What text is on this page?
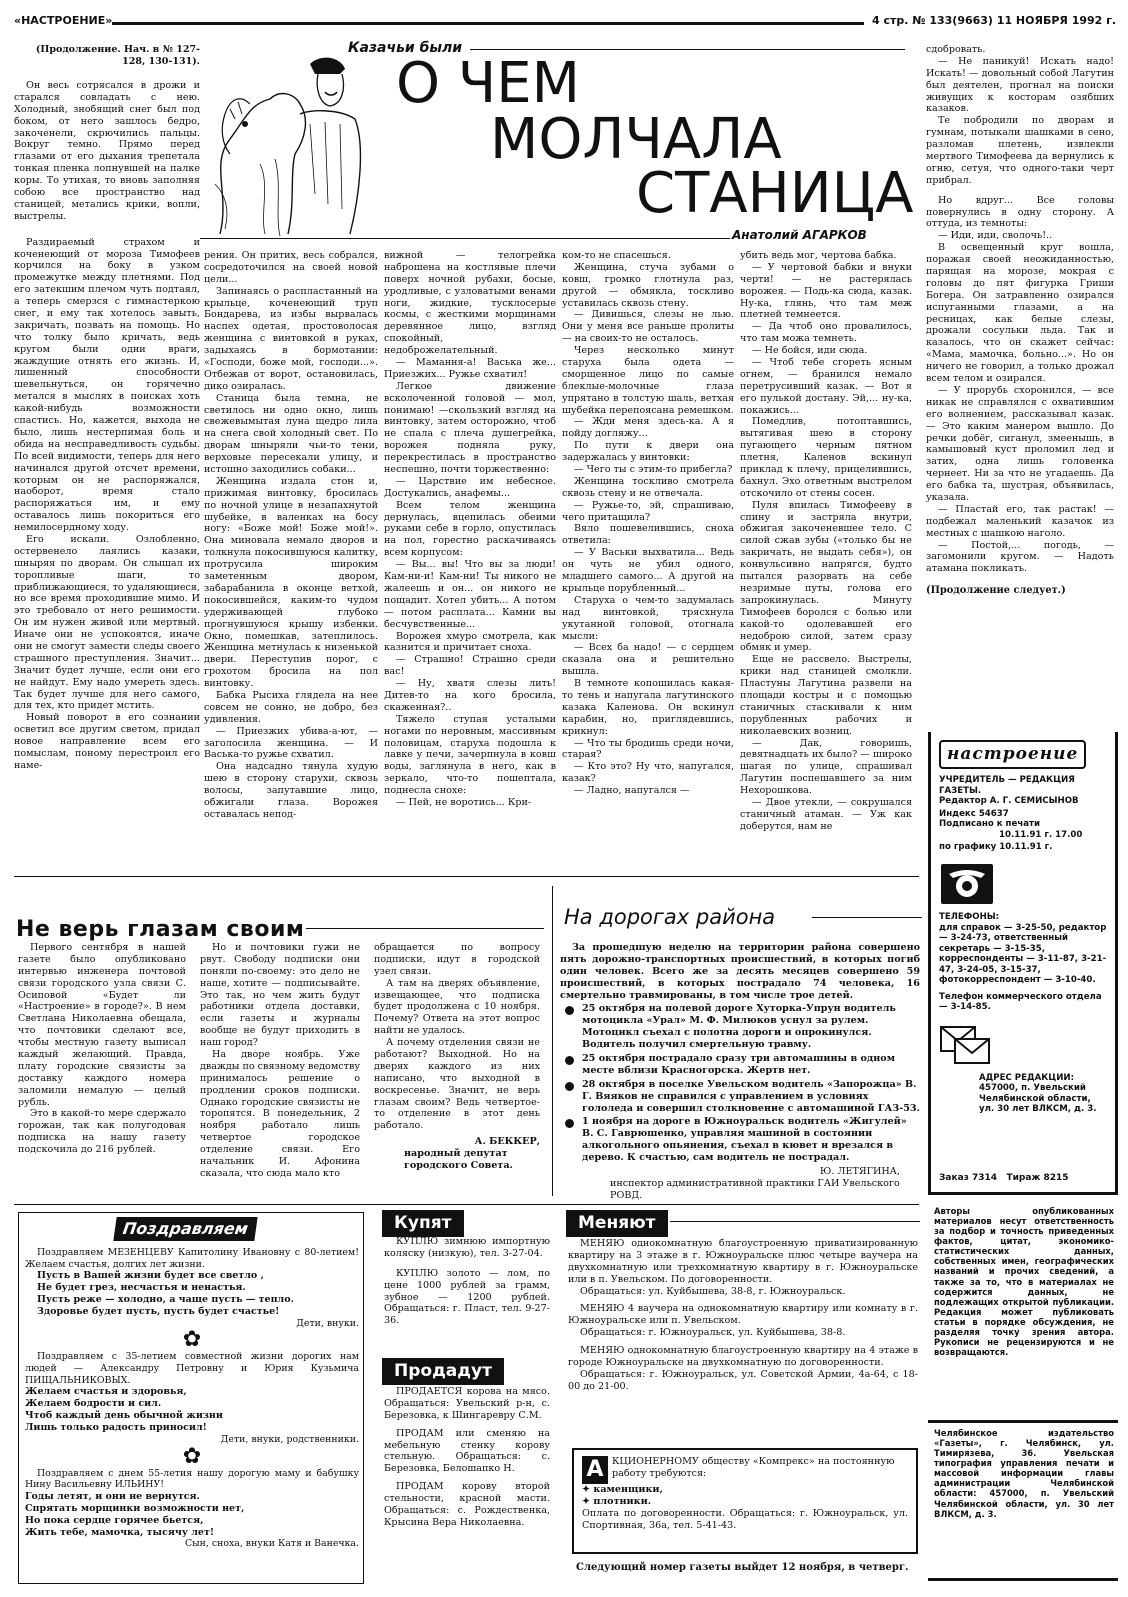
«НАСТРОЕНИЕ»	4 стр. № 133(9663) 11 НОЯБРЯ 1992 г.
(Продолжение. Нач. в № 127-128, 130-131).
Казачьи были
О ЧЕМ
МОЛЧАЛА
СТАНИЦА
Анатолий АГАРКОВ

Он весь сотрясался в дрожи и старался совладать с нею. Холодный, знобящий снег был под боком, от него зашлось бедро, закоченели, скрючились пальцы. Вокруг темно. Прямо перед глазами от его дыхания трепетала тонкая пленка лопнувшей на палке коры. То утихая, то вновь заполняя собою все пространство над станицей, метались крики, вопли, выстрелы.

Раздираемый страхом и коченеющий от мороза Тимофеев корчился на боку в узком промежутке между плетнями. Под его затекшим плечом чуть подтаял, а теперь смерзся с гимнастеркою снег, и ему так хотелось завыть, закричать, позвать на помощь. Но что толку было кричать, ведь кругом были одни враги, жаждущие отнять его жизнь. И, лишенный способности шевельнуться, он горячечно метался в мыслях в поисках хоть какой-нибудь возможности спастись. Но, кажется, выхода не было, лишь нестерпимая боль и обида на несправедливость судьбы. По всей видимости, теперь для него начинался другой отсчет времени, которым он не распоряжался, наоборот, время стало распоряжаться им, и ему оставалось лишь покориться его немилосердному ходу.

Его искали. Озлобленно, остервенело лаялись казаки, шныряя по дворам. Он слышал их торопливые шаги, то приближающиеся, то удаляющиеся, но все время проходившие мимо. И это требовало от него решимости. Он им нужен живой или мертвый. Иначе они не успокоятся, иначе они не смогут замести следы своего страшного преступления. Значит... Значит будет лучше, если они его не найдут. Ему надо умереть здесь. Так будет лучше для него самого, для тех, кто придет мстить.

Новый поворот в его сознании осветил все другим светом, придал новое направление всем его помыслам, поному перестроил его наме-

рения. Он притих, весь собрался, сосредоточился на своей новой цели...

Запинаясь о распластанный на крыльце, коченеющий труп Бондарева, из избы вырвалась наспех одетая, простоволосая женщина с винтовкой в руках, задыхаясь в бормотании: «Господи, боже мой, господи...». Отбежав от ворот, остановилась, дико озиралась.

Станица была темна, не светилось ни одно окно, лишь свежевымытая луна щедро лила на снега свой холодный свет. По дворам шныряли чьи-то тени, верховые пересекали улицу, и истошно заходились собаки...

Женщина издала стон и, прижимая винтовку, бросилась по ночной улице в незапахнутой шубейке, в валенках на босу ногу: «Боже мой! Боже мой!». Она миновала немало дворов и толкнула покосившуюся калитку, протрусила широким заметенным двором, забарабанила в оконце ветхой, покосившейся, каким-то чудом удерживающей глубоко прогнувшуюся крышу избенки. Окно, помешкав, затеплилось. Женщина метнулась к низенькой двери. Переступив порог, с грохотом бросила на пол винтовку.

Бабка Рысиха глядела на нее совсем не сонно, не добро, без удивления.

— Приезжих убива-а-ют, — заголосила женщина. — И Васька-то ружье схватил.

Она надсадно тянула худую шею в сторону старухи, сквозь волосы, запутавшие лицо, обжигали глаза. Ворожея оставалась непод-

вижной — телогрейка наброшена на костлявые плечи поверх ночной рубахи, босые, уродливые, с узловатыми венами ноги, жидкие, тусклосерые космы, с жесткими морщинами деревянное лицо, взгляд спокойный, недоброжелательный.

— Мамання-а! Васька же... Приезжих... Ружье схватил!

Легкое движение всколоченной головой — мол, понимаю! —скользкий взгляд на винтовку, затем осторожно, чтоб не спала с плеча душегрейка, ворожея подняла руку, перекрестилась в пространство неспешно, почти торжественно:

— Царствие им небесное. Достукались, анафемы...

Всем телом женщина дернулась, вцепилась обеими руками себе в горло, опустилась на пол, горестно раскачиваясь всем корпусом:

— Вы... вы! Что вы за люди! Кам-ни-и! Кам-ни! Ты никого не жалеешь и он... он никого не пощадит. Хотел убить... А потом — потом расплата... Камни вы бесчувственные...

Ворожея хмуро смотрела, как казнится и причитает сноха.

— Страшно! Страшно среди вас!

— Ну, хватя слезы лить! Дитев-то на кого бросила, скаженная?..

Тяжело ступая усталыми ногами по неровным, массивным половицам, старуха подошла к лавке у печи, зачерпнула в ковш воды, заглянула в него, как в зеркало, что-то пошептала, поднесла снохе:

— Пей, не воротись... Кри-

ком-то не спасешься.

Женщина, стуча зубами о ковш, громко глотнула раз, другой — обмякла, тоскливо уставилась сквозь стену.

— Дивишься, слезы не лью. Они у меня все раньше пролиты — на своих-то не осталось.

Через несколько минут старуха была одета — сморщенное лицо по самые блеклые-молочные глаза упрятано в толстую шаль, ветхая шубейка перепоясана ремешком.

— Жди меня здесь-ка. А я пойду догляжу...

По пути к двери она задержалась у винтовки:

— Чего ты с этим-то прибегла?

Женщина тоскливо смотрела сквозь стену и не отвечала.

— Ружье-то, эй, спрашиваю, чего притащила?

Вяло пошевелившись, сноха ответила:

— У Васьки выхватила... Ведь он чуть не убил одного, младшего самого... А другой на крыльце порубленный...

Старуха о чем-то задумалась над винтовкой, трясхнула укутанной головой, отогнала мысли:

— Всех ба надо! — с сердцем сказала она и решительно вышла.

В темноте копошилась какая-то тень и напугала лагутинского казака Каленова. Он вскинул карабин, но, приглядевшись, крикнул:

— Что ты бродишь среди ночи, старая?

— Кто это? Ну что, напугался, казак?

— Ладно, напугался —

убить ведь мог, чертова бабка.

— У чертовой бабки и внуки черти! — не растерялась ворожея. — Подь-ка сюда, казак. Ну-ка, глянь, что там меж плетней темнеется.

— Да чтоб оно провалилось, что там можа темнеть.

— Не бойся, иди сюда.

— Чтоб тебе сгореть ясным огнем, — бранился немало перетрусивший казак. — Вот я его пулькой достану. Эй,... ну-ка, покажись...

Помедлив, потоптавшись, вытягивая шею в сторону пугающего черным пятном плетня, Каленов вскинул приклад к плечу, прицелившись, бахнул. Эхо ответным выстрелом отскочило от стены сосен.

Пуля впилась Тимофееву в спину и застряла внутри, обжигая закоченевшее тело. С силой сжав зубы («только бы не закричать, не выдать себя»), он конвульсивно напрягся, будто пытался разорвать на себе незримые путы, голова его запрокинулась. Минуту Тимофеев боролся с болью или какой-то одолевавшей его недоброю силой, затем сразу обмяк и умер.

Еще не рассвело. Выстрелы, крики над станицей смолкли. Пластуны Лагутина развели на площади костры и с помощью станичных стаскивали к ним порубленных рабочих и николаевских возниц.

— Дак, говоришь, девятнадцать их было? — широко шагая по улице, спрашивал Лагутин поспешавшего за ним Нехорошкова.

— Двое утекли, — сокрушался станичный атаман. — Уж как доберутся, нам не

сдобровать.

— Не паникуй! Искать надо! Искать! — довольный собой Лагутин был деятелен, прогнал на поиски живущих к косторам озябших казаков.

Те побродили по дворам и гумнам, потыкали шашками в сено, разломав плетень, извлекли мертвого Тимофеева да вернулись к огню, сетуя, что одного-таки черт прибрал.

Но вдруг... Все головы повернулись в одну сторону. А оттуда, из темноты:

— Иди, иди, сволочь!..

В освещенный круг вошла, поражая своей неожиданностью, парящая на морозе, мокрая с головы до пят фигурка Гриши Богера. Он затравленно озирался испуганными глазами, а на ресницах, как белые слезы, дрожали сосульки льда. Так и казалось, что он скажет сейчас: «Мама, мамочка, больно...». Но он ничего не говорил, а только дрожал всем телом и озирался.

— У прорубь схоронился, — все никак не справлялся с охватившим его волнением, рассказывал казак. — Это каким манером вышло. До речки добёг, сиганул, змеенышь, в камышовый куст проломил лед и затих, одна лишь головенка чернеет. Ни за что не угадаешь. Да его бабка та, шустрая, объявилась, указала.

— Пластай его, так растак! — подбежал маленький казачок из местных с шашкою наголо.

— Постой,... погодь, — загомонили кругом. — Надоть атамана покликать.

(Продолжение следует.)
настроение
УЧРЕДИТЕЛЬ — РЕДАКЦИЯ ГАЗЕТЫ.
Редактор А. Г. СЕМИСЫНОВ
Индекс 54637
Подписано к печати
10.11.91 г. 17.00
по графику 10.11.91 г.
ТЕЛЕФОНЫ:
для справок — 3-25-50, редактор — 3-24-73, ответственный секретарь — 3-15-35, корреспонденты — 3-11-87, 3-21-47, 3-24-05, 3-15-37, фотокорреспондент — 3-10-40.
Телефон коммерческого отдела — 3-14-85.
АДРЕС РЕДАКЦИИ:
457000, п. Увельский Челябинской области, ул. 30 лет ВЛКСМ, д. 3.
Заказ 7314 Тираж 8215
Авторы опубликованных материалов несут ответственность за подбор и точность приведенных фактов, цитат, экономико-статистических данных, собственных имен, географических названий и прочих сведений, а также за то, что в материалах не содержится данных, не подлежащих открытой публикации. Редакция может публиковать статьи в порядке обсуждения, не разделяя точку зрения автора. Рукописи не рецензируются и не возвращаются.
Челябинское издательство «Газеты», г. Челябинск, ул. Тимирязева, 36. Увельская типография управления печати и массовой информации главы администрации Челябинской области: 457000, п. Увельский Челябинской области, ул. 30 лет ВЛКСМ, д. 3.
Не верь глазам своим

Первого сентября в нашей газете было опубликовано интервью инженера почтовой связи городского узла связи С. Осиповой «Будет ли «Настроение» в городе?». В нем Светлана Николаевна обещала, что почтовики сделают все, чтобы местную газету выписал каждый желающий. Правда, плату городские связисты за доставку каждого номера заломили немалую — целый рубль.

Это в какой-то мере сдержало горожан, так как полугодовая подписка на нашу газету подскочила до 216 рублей.

Но и почтовики гужи не рвут. Свободу подписки они поняли по-своему: это дело не наше, хотите — подписывайте. Это так, но чем жить будут работники отдела доставки, если газеты и журналы вообще не будут приходить в наш город?

На дворе ноябрь. Уже дважды по связному ведомству принималось решение о продлении сроков подписки. Однако городские связисты не торопятся. В понедельник, 2 ноября работало лишь четвертое городское отделение связи. Его начальник И. Афонина сказала, что сюда мало кто

обращается по вопросу подписки, идут в городской узел связи.

А там на дверях объявление, извещающее, что подписка будет продолжена с 10 ноября. Почему? Ответа на этот вопрос найти не удалось.

А почему отделения связи не работают? Выходной. Но на дверях каждого из них написано, что выходной в воскресенье. Значит, не верь глазам своим? Ведь четвертое-то отделение в этот день работало.

А. БЕККЕР,
народный депутат городского Совета.
На дорогах района

За прошедшую неделю на территории района совершено пять дорожно-транспортных происшествий, в которых погиб один человек. Всего же за десять месяцев совершено 59 происшествий, в которых пострадало 74 человека, 16 смертельно травмированы, в том числе трое детей.

25 октября на полевой дороге Хуторка-Упрун водитель мотоцикла «Урал» М. Ф. Милюков уснул за рулем. Мотоцикл съехал с полотна дороги и опрокинулся. Водитель получил смертельную травму.
25 октября пострадало сразу три автомашины в одном месте вблизи Красногорска. Жертв нет.
28 октября в поселке Увельском водитель «Запорожца» В. Г. Вяяков не справился с управлением в условиях гололеда и совершил столкновение с автомашиной ГАЗ-53.
1 ноября на дороге в Южноуральск водитель «Жигулей» В. С. Гаврюшенко, управляя машиной в состоянии алкогольного опьянения, съехал в кювет и врезался в дерево. К счастью, сам водитель не пострадал.
Ю. ЛЕТЯГИНА,
инспектор административной практики ГАИ Увельского РОВД.
Поздравляем

Поздравляем МЕЗЕНЦЕВУ Капитолину Ивановну с 80-летием! Желаем счастья, долгих лет жизни.

Пусть в Вашей жизни будет все светло ,
Не будет грез, несчастья и ненастья.
Пусть реже — холодно, а чаще пусть — тепло.
Здоровье будет пусть, пусть будет счастье!
Дети, внуки.
✿

Поздравляем с 35-летием совместной жизни дорогих нам людей — Александру Петровну и Юрия Кузьмича ПИЩАЛЬНИКОВЫХ.

Желаем счастья и здоровья,
Желаем бодрости и сил.
Чтоб каждый день обычной жизни
Лишь только радость приносил!
Дети, внуки, родственники.
✿

Поздравляем с днем 55-летия нашу дорогую маму и бабушку Нину Васильевну ИЛЬИНУ!

Годы летят, и они не вернутся.
Спрятать морщинки возможности нет,
Но пока сердце горячее бьется,
Жить тебе, мамочка, тысячу лет!
Сын, сноха, внуки Катя и Ванечка.
Купят

КУПЛЮ зимнюю импортную коляску (низкую), тел. 3-27-04.

КУПЛЮ золото — лом, по цене 1000 рублей за грамм, зубное — 1200 рублей. Обращаться: г. Пласт, тел. 9-27-36.

Продадут

ПРОДАЕТСЯ корова на мясо. Обращаться: Увельский р-н, с. Березовка, к Шингаревру С.М.

ПРОДАМ или сменяю на мебельную стенку корову стельную. Обращаться: с. Березовка, Белошапко Н.

ПРОДАМ корову второй стельности, красной масти. Обращаться: с. Рождественка, Крысина Вера Николаевна.

Меняют

МЕНЯЮ однокомнатную благоустроенную приватизированную квартиру на 3 этаже в г. Южноуральске плюс четыре ваучера на двухкомнатную или трехкомнатную квартиру в г. Южноуральске или в п. Увельском. По договоренности.

Обращаться: ул. Куйбышева, 38-8, г. Южноуральск.

МЕНЯЮ 4 ваучера на однокомнатную квартиру или комнату в г. Южноуральске или п. Увельском.

Обращаться: г. Южноуральск, ул. Куйбышева, 38-8.

МЕНЯЮ однокомнатную благоустроенную квартиру на 4 этаже в городе Южноуральске на двухкомнатную по договоренности.

Обращаться: г. Южноуральск, ул. Советской Армии, 4а-64, с 18-00 до 21-00.

А КЦИОНЕРНОМУ обществу «Компрекс» на постоянную работу требуются:
✦ каменщики,
✦ плотники.
Оплата по договоренности. Обращаться: г. Южноуральск, ул. Спортивная, 36а, тел. 5-41-43.
Следующий номер газеты выйдет 12 ноября, в четверг.
